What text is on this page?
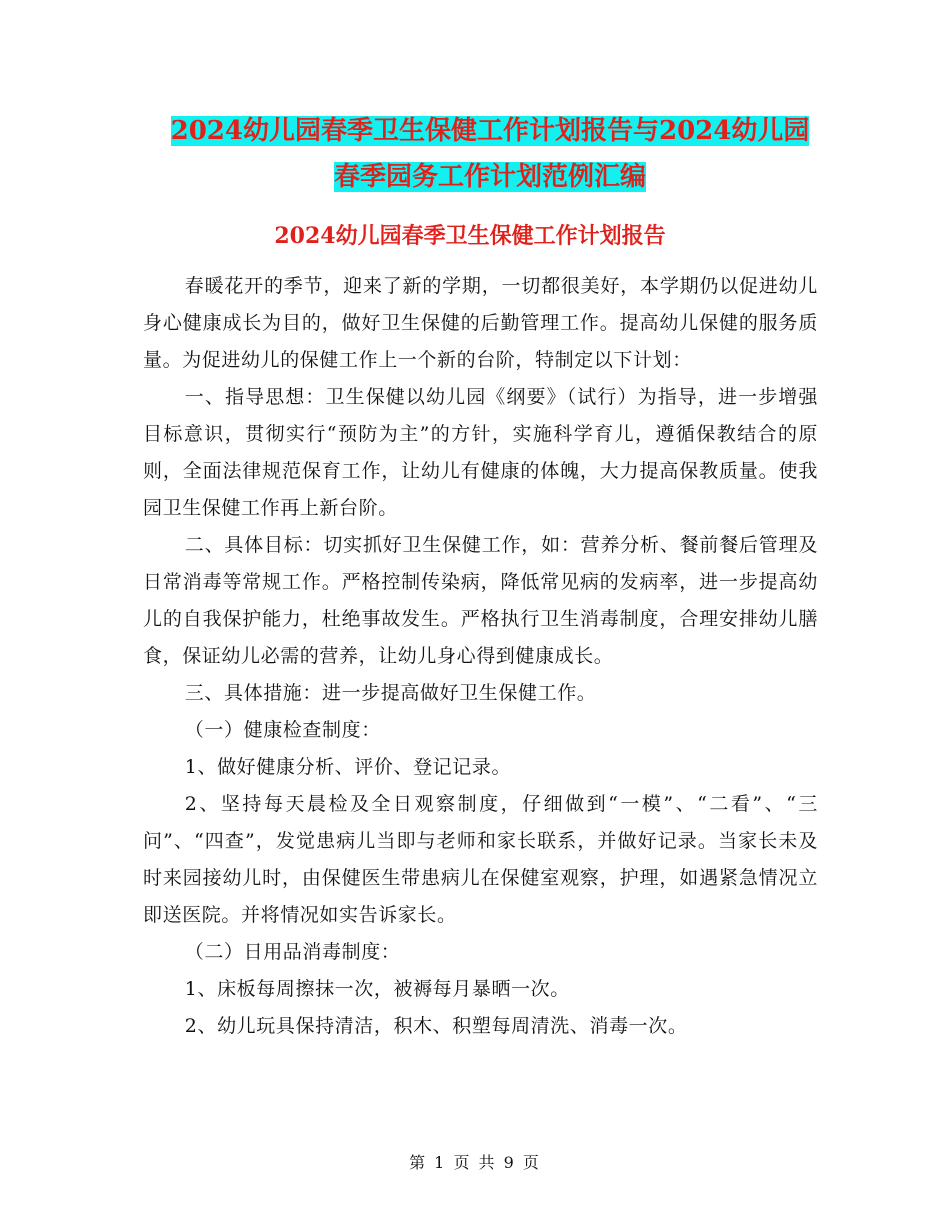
2024幼儿园春季卫生保健工作计划报告与2024幼儿园
春季园务工作计划范例汇编
2024幼儿园春季卫生保健工作计划报告

春暖花开的季节，迎来了新的学期，一切都很美好，本学期仍以促进幼儿身心健康成长为目的，做好卫生保健的后勤管理工作。提高幼儿保健的服务质量。为促进幼儿的保健工作上一个新的台阶，特制定以下计划：

一、指导思想：卫生保健以幼儿园《纲要》（试行）为指导，进一步增强目标意识，贯彻实行“预防为主”的方针，实施科学育儿，遵循保教结合的原则，全面法律规范保育工作，让幼儿有健康的体魄，大力提高保教质量。使我园卫生保健工作再上新台阶。

二、具体目标：切实抓好卫生保健工作，如：营养分析、餐前餐后管理及日常消毒等常规工作。严格控制传染病，降低常见病的发病率，进一步提高幼儿的自我保护能力，杜绝事故发生。严格执行卫生消毒制度，合理安排幼儿膳食，保证幼儿必需的营养，让幼儿身心得到健康成长。

三、具体措施：进一步提高做好卫生保健工作。

（一）健康检查制度：

1、做好健康分析、评价、登记记录。

2、坚持每天晨检及全日观察制度，仔细做到“一模”、“二看”、“三问”、“四查”，发觉患病儿当即与老师和家长联系，并做好记录。当家长未及时来园接幼儿时，由保健医生带患病儿在保健室观察，护理，如遇紧急情况立即送医院。并将情况如实告诉家长。

（二）日用品消毒制度：

1、床板每周擦抹一次，被褥每月暴晒一次。

2、幼儿玩具保持清洁，积木、积塑每周清洗、消毒一次。

第 1 页 共 9 页
